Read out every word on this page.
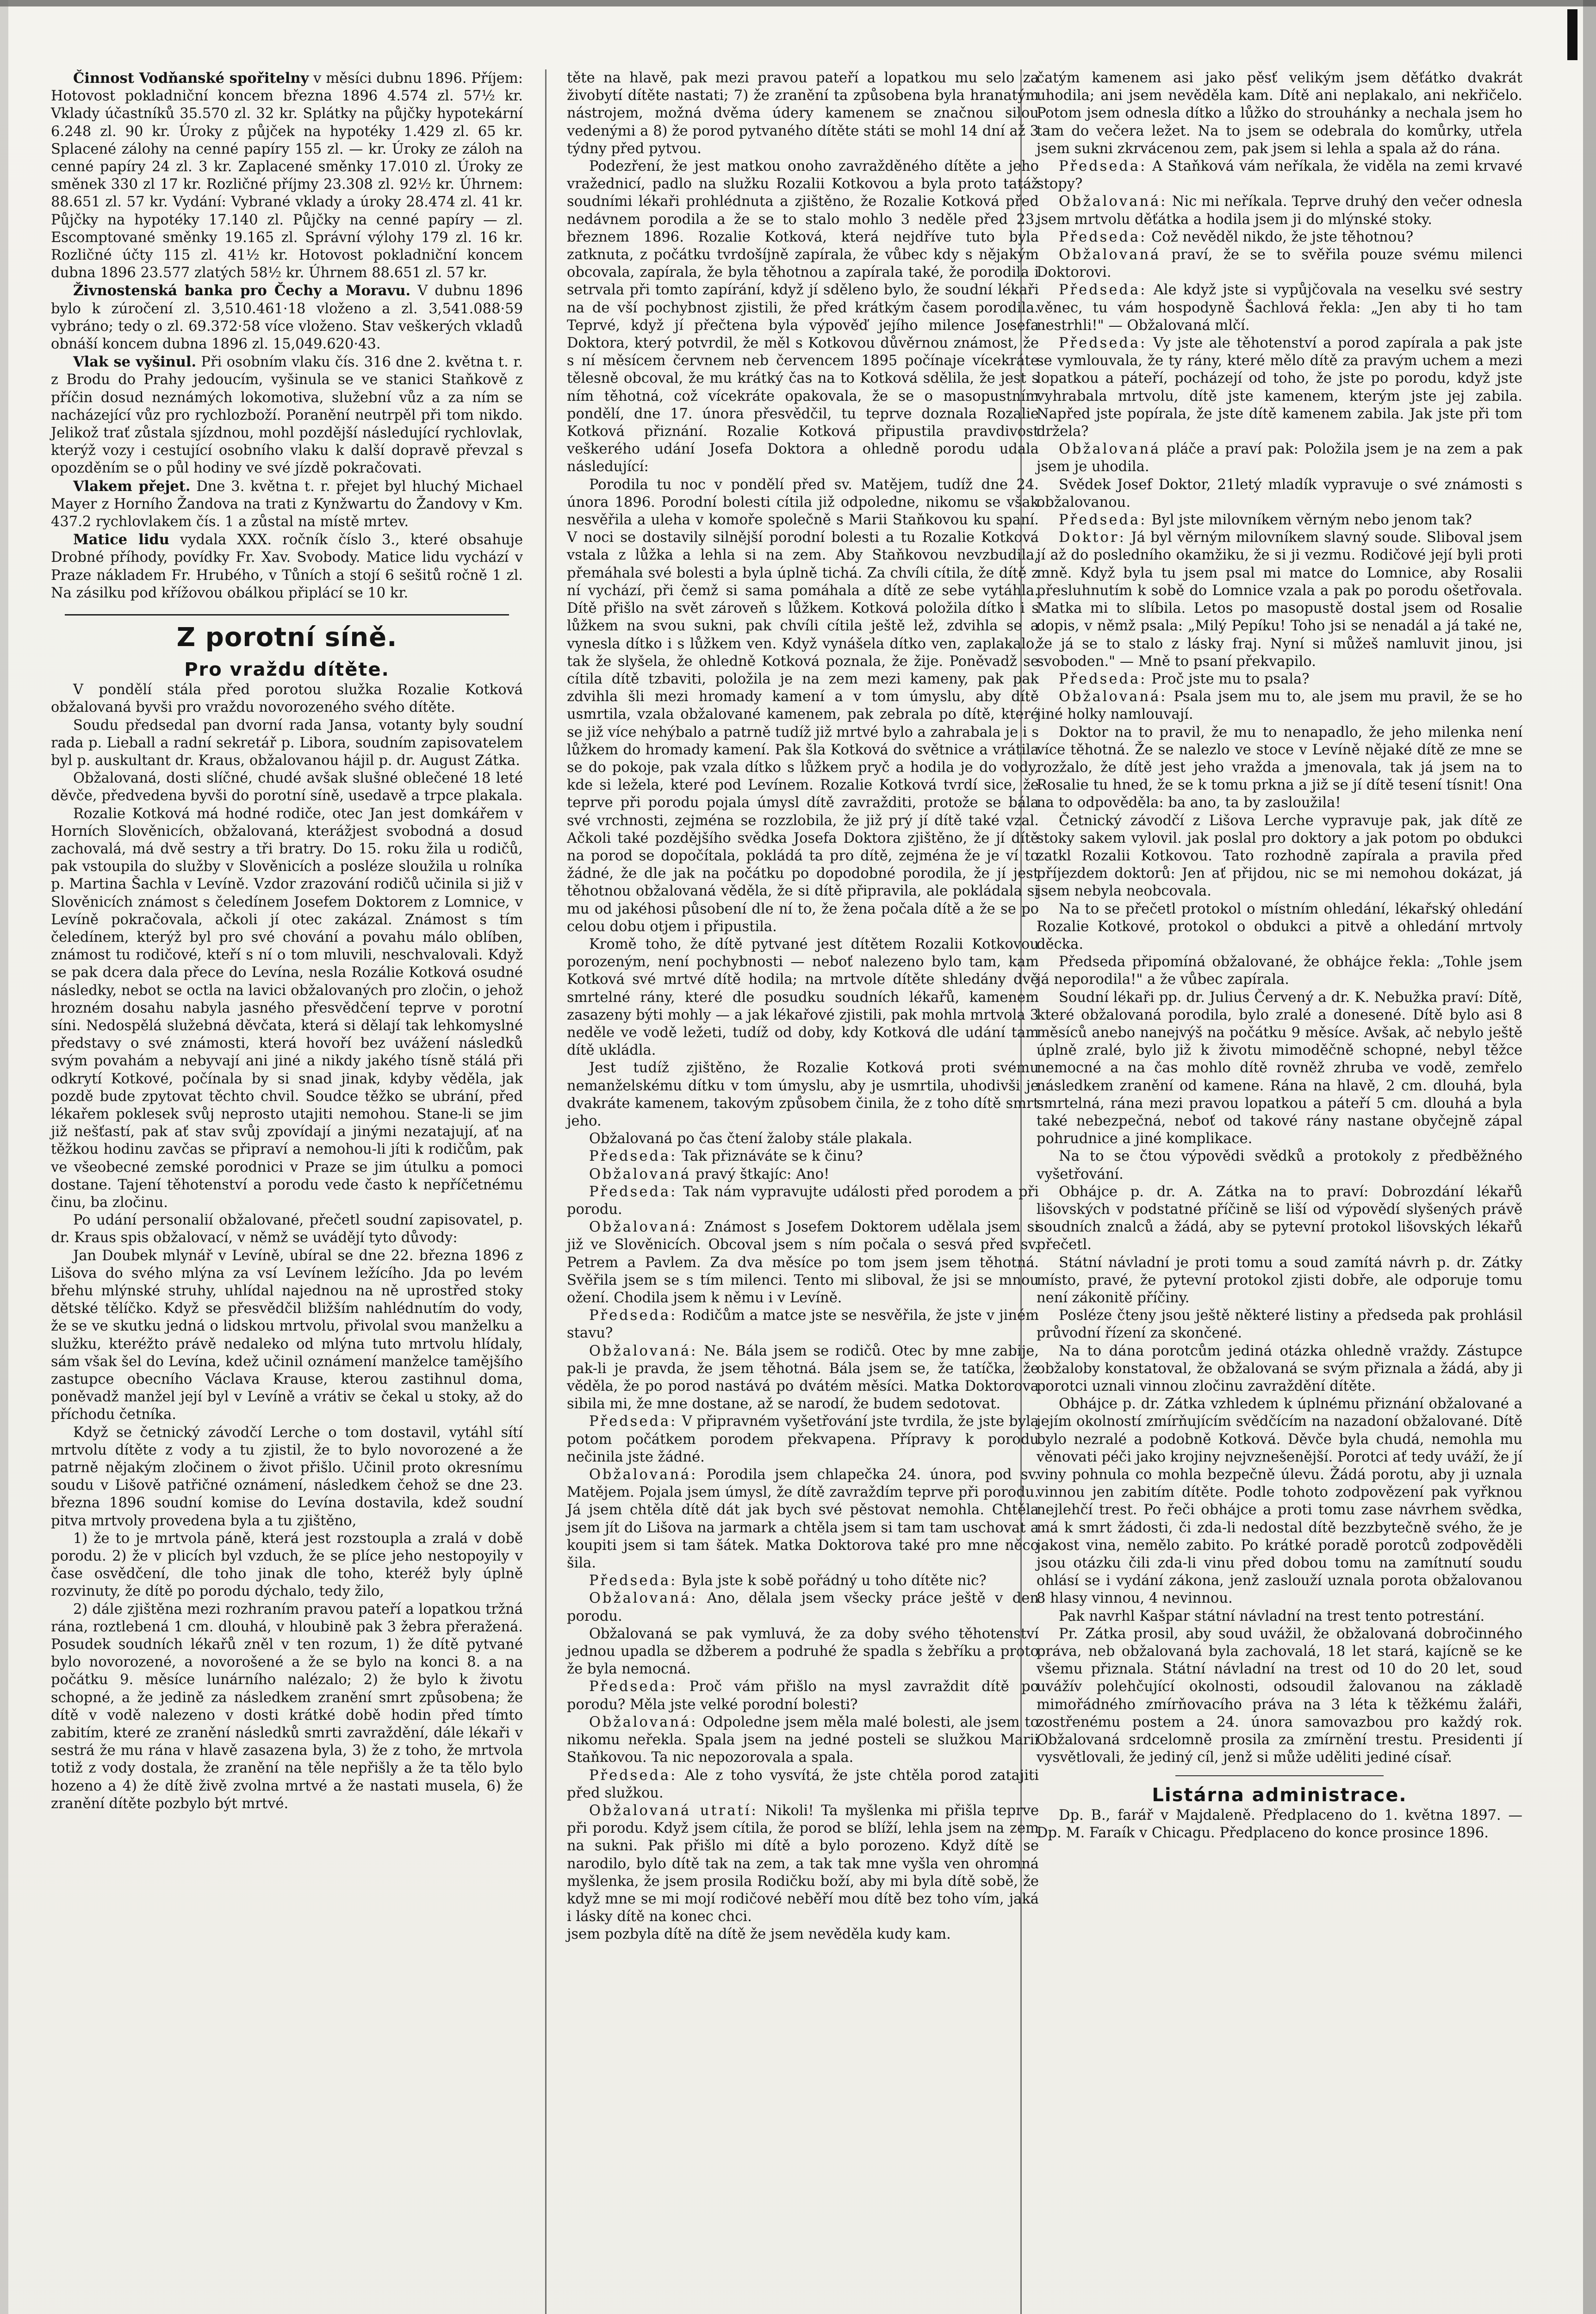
Činnost Vodňanské spořitelny v měsíci dubnu 1896. Příjem: Hotovost pokladniční koncem března 1896 4.574 zl. 57½ kr. Vklady účastníků 35.570 zl. 32 kr. Splátky na půjčky hypotekární 6.248 zl. 90 kr. Úroky z půjček na hypotéky 1.429 zl. 65 kr. Splacené zálohy na cenné papíry 155 zl. — kr. Úroky ze záloh na cenné papíry 24 zl. 3 kr. Zaplacené směnky 17.010 zl. Úroky ze směnek 330 zl 17 kr. Rozličné příjmy 23.308 zl. 92½ kr. Úhrnem: 88.651 zl. 57 kr. Vydání: Vybrané vklady a úroky 28.474 zl. 41 kr. Půjčky na hypotéky 17.140 zl. Půjčky na cenné papíry — zl. Escomptované směnky 19.165 zl. Správní výlohy 179 zl. 16 kr. Rozličné účty 115 zl. 41½ kr. Hotovost pokladniční koncem dubna 1896 23.577 zlatých 58½ kr. Úhrnem 88.651 zl. 57 kr.

Živnostenská banka pro Čechy a Moravu. V dubnu 1896 bylo k zúročení zl. 3,510.461·18 vloženo a zl. 3,541.088·59 vybráno; tedy o zl. 69.372·58 více vloženo. Stav veškerých vkladů obnáší koncem dubna 1896 zl. 15,049.620·43.

Vlak se vyšinul. Při osobním vlaku čís. 316 dne 2. května t. r. z Brodu do Prahy jedoucím, vyšinula se ve stanici Staňkově z příčin dosud neznámých lokomotiva, služební vůz a za ním se nacházející vůz pro rychlozboží. Poranění neutrpěl při tom nikdo. Jelikož trať zůstala sjízdnou, mohl pozdější následující rychlovlak, kterýž vozy i cestující osobního vlaku k další dopravě převzal s opozděním se o půl hodiny ve své jízdě pokračovati.

Vlakem přejet. Dne 3. května t. r. přejet byl hluchý Michael Mayer z Horního Žandova na trati z Kynžwartu do Žandovy v Km. 437.2 rychlovlakem čís. 1 a zůstal na místě mrtev.

Matice lidu vydala XXX. ročník číslo 3., které obsahuje Drobné příhody, povídky Fr. Xav. Svobody. Matice lidu vychází v Praze nákladem Fr. Hrubého, v Tůních a stojí 6 sešitů ročně 1 zl. Na zásilku pod křížovou obálkou připlácí se 10 kr.

Z porotní síně.

Pro vraždu dítěte.

V pondělí stála před porotou služka Rozalie Kotková obžalovaná byvši pro vraždu novorozeného svého dítěte.

Soudu předsedal pan dvorní rada Jansa, votanty byly soudní rada p. Lieball a radní sekretář p. Libora, soudním zapisovatelem byl p. auskultant dr. Kraus, obžalovanou hájil p. dr. August Zátka.

Obžalovaná, dosti slíčné, chudé avšak slušné oblečené 18 leté děvče, předvedena byvši do porotní síně, usedavě a trpce plakala.

Rozalie Kotková má hodné rodiče, otec Jan jest domkářem v Horních Slověnicích, obžalovaná, kterážjest svobodná a dosud zachovalá, má dvě sestry a tři bratry. Do 15. roku žila u rodičů, pak vstoupila do služby v Slověnicích a posléze sloužila u rolníka p. Martina Šachla v Levíně. Vzdor zrazování rodičů učinila si již v Slověnicích známost s čeledínem Josefem Doktorem z Lomnice, v Levíně pokračovala, ačkoli jí otec zakázal. Známost s tím čeledínem, kterýž byl pro své chování a povahu málo oblíben, známost tu rodičové, kteří s ní o tom mluvili, neschvalovali. Když se pak dcera dala přece do Levína, nesla Rozálie Kotková osudné následky, nebot se octla na lavici obžalovaných pro zločin, o jehož hrozném dosahu nabyla jasného přesvědčení teprve v porotní síni. Nedospělá služebná děvčata, která si dělají tak lehkomyslné představy o své známosti, která hovoří bez uvážení následků svým povahám a nebyvají ani jiné a nikdy jakého tísně stálá při odkrytí Kotkové, počínala by si snad jinak, kdyby věděla, jak pozdě bude zpytovat těchto chvil. Soudce těžko se ubrání, před lékařem poklesek svůj neprosto utajiti nemohou. Stane-li se jim již nešťastí, pak ať stav svůj zpovídají a jinými nezatajují, ať na těžkou hodinu zavčas se připraví a nemohou-li jíti k rodičům, pak ve všeobecné zemské porodnici v Praze se jim útulku a pomoci dostane. Tajení těhotenství a porodu vede často k nepříčetnému činu, ba zločinu.

Po udání personalií obžalované, přečetl soudní zapisovatel, p. dr. Kraus spis obžalovací, v němž se uvádějí tyto důvody:

Jan Doubek mlynář v Levíně, ubíral se dne 22. března 1896 z Lišova do svého mlýna za vsí Levínem ležícího. Jda po levém břehu mlýnské struhy, uhlídal najednou na ně uprostřed stoky dětské tělíčko. Když se přesvědčil bližším nahlédnutím do vody, že se ve skutku jedná o lidskou mrtvolu, přivolal svou manželku a služku, kteréžto právě nedaleko od mlýna tuto mrtvolu hlídaly, sám však šel do Levína, kdež učinil oznámení manželce tamějšího zastupce obecního Václava Krause, kterou zastihnul doma, poněvadž manžel její byl v Levíně a vrátiv se čekal u stoky, až do příchodu četníka.

Když se četnický závodčí Lerche o tom dostavil, vytáhl sítí mrtvolu dítěte z vody a tu zjistil, že to bylo novorozené a že patrně nějakým zločinem o život přišlo. Učinil proto okresnímu soudu v Lišově patřičné oznámení, následkem čehož se dne 23. března 1896 soudní komise do Levína dostavila, kdež soudní pitva mrtvoly provedena byla a tu zjištěno,

1) že to je mrtvola páně, která jest rozstoupla a zralá v době porodu. 2) že v plicích byl vzduch, že se plíce jeho nestopoyily v čase osvědčení, dle toho jinak dle toho, kteréž byly úplně rozvinuty, že dítě po porodu dýchalo, tedy žilo,

2) dále zjištěna mezi rozhraním pravou pateří a lopatkou tržná rána, roztlebená 1 cm. dlouhá, v hloubině pak 3 žebra přeražená. Posudek soudních lékařů zněl v ten rozum, 1) že dítě pytvané bylo novorozené, a novorošené a že se bylo na konci 8. a na počátku 9. měsíce lunárního nalézalo; 2) že bylo k životu schopné, a že jedině za následkem zranění smrt způsobena; že dítě v vodě nalezeno v dosti krátké době hodin před tímto zabitím, které ze zranění následků smrti zavraždění, dále lékaři v sestrá že mu rána v hlavě zasazena byla, 3) že z toho, že mrtvola totiž z vody dostala, že zranění na těle nepřišly a že ta tělo bylo hozeno a 4) že dítě živě zvolna mrtvé a že nastati musela, 6) že zranění dítěte pozbylo být mrtvé.

těte na hlavě, pak mezi pravou pateří a lopatkou mu selo za živobytí dítěte nastati; 7) že zranění ta způsobena byla hranatým nástrojem, možná dvěma údery kamenem se značnou silou vedenými a 8) že porod pytvaného dítěte státi se mohl 14 dní až 3 týdny před pytvou.

Podezření, že jest matkou onoho zavražděného dítěte a jeho vražednicí, padlo na služku Rozalii Kotkovou a byla proto tatáž soudními lékaři prohlédnuta a zjištěno, že Rozalie Kotková před nedávnem porodila a že se to stalo mohlo 3 neděle před 23. březnem 1896. Rozalie Kotková, která nejdříve tuto byla zatknuta, z počátku tvrdošíjně zapírala, že vůbec kdy s nějakým obcovala, zapírala, že byla těhotnou a zapírala také, že porodila i setrvala při tomto zapírání, když jí sděleno bylo, že soudní lékaři na de vší pochybnost zjistili, že před krátkým časem porodila. Teprvé, když jí přečtena byla výpověď jejího milence Josefa Doktora, který potvrdil, že měl s Kotkovou důvěrnou známost, že s ní měsícem červnem neb červencem 1895 počínaje vícekráte tělesně obcoval, že mu krátký čas na to Kotková sdělila, že jest s ním těhotná, což vícekráte opakovala, že se o masopustním pondělí, dne 17. února přesvědčil, tu teprve doznala Rozalie Kotková přiznání. Rozalie Kotková připustila pravdivost veškerého udání Josefa Doktora a ohledně porodu udala následující:

Porodila tu noc v pondělí před sv. Matějem, tudíž dne 24. února 1896. Porodní bolesti cítila již odpoledne, nikomu se však nesvěřila a uleha v komoře společně s Marii Staňkovou ku spaní. V noci se dostavily silnější porodní bolesti a tu Rozalie Kotková vstala z lůžka a lehla si na zem. Aby Staňkovou nevzbudila, přemáhala své bolesti a byla úplně tichá. Za chvíli cítila, že dítě z ní vychází, při čemž si sama pomáhala a dítě ze sebe vytáhla. Dítě přišlo na svět zároveň s lůžkem. Kotková položila dítko i s lůžkem na svou sukni, pak chvíli cítila ještě lež, zdvihla se a vynesla dítko i s lůžkem ven. Když vynášela dítko ven, zaplakalo, tak že slyšela, že ohledně Kotková poznala, že žije. Poněvadž se cítila dítě tzbaviti, položila je na zem mezi kameny, pak pak zdvihla šli mezi hromady kamení a v tom úmyslu, aby dítě usmrtila, vzala obžalované kamenem, pak zebrala po dítě, které se již více nehýbalo a patrně tudíž již mrtvé bylo a zahrabala je i s lůžkem do hromady kamení. Pak šla Kotková do světnice a vrátila se do pokoje, pak vzala dítko s lůžkem pryč a hodila je do vody, kde si ležela, které pod Levínem. Rozalie Kotková tvrdí sice, že teprve při porodu pojala úmysl dítě zavražditi, protože se bála své vrchnosti, zejména se rozzlobila, že již prý jí dítě také vzal. Ačkoli také pozdějšího svědka Josefa Doktora zjištěno, že jí dítě na porod se dopočítala, pokládá ta pro dítě, zejména že je ví to žádné, že dle jak na počátku po dopodobné porodila, že jí jest těhotnou obžalovaná věděla, že si dítě připravila, ale pokládala si mu od jakéhosi působení dle ní to, že žena počala dítě a že se po celou dobu otjem i připustila.

Kromě toho, že dítě pytvané jest dítětem Rozalii Kotkovou porozeným, není pochybnosti — neboť nalezeno bylo tam, kam Kotková své mrtvé dítě hodila; na mrtvole dítěte shledány dvě smrtelné rány, které dle posudku soudních lékařů, kamenem zasazeny býti mohly — a jak lékařové zjistili, pak mohla mrtvola 3 neděle ve vodě ležeti, tudíž od doby, kdy Kotková dle udání tam dítě ukládla.

Jest tudíž zjištěno, že Rozalie Kotková proti svému nemanželskému dítku v tom úmyslu, aby je usmrtila, uhodivši je dvakráte kamenem, takovým způsobem činila, že z toho dítě smrt jeho.

Obžalovaná po čas čtení žaloby stále plakala.

Předseda: Tak přiznáváte se k činu?

Obžalovaná pravý štkajíc: Ano!

Předseda: Tak nám vypravujte události před porodem a při porodu.

Obžalovaná: Známost s Josefem Doktorem udělala jsem si již ve Slověnicích. Obcoval jsem s ním počala o sesvá před sv. Petrem a Pavlem. Za dva měsíce po tom jsem jsem těhotná. Svěřila jsem se s tím milenci. Tento mi sliboval, že jsi se mnou ožení. Chodila jsem k němu i v Levíně.

Předseda: Rodičům a matce jste se nesvěřila, že jste v jiném stavu?

Obžalovaná: Ne. Bála jsem se rodičů. Otec by mne zabije, pak-li je pravda, že jsem těhotná. Bála jsem se, že tatíčka, že věděla, že po porod nastává po dvátém měsíci. Matka Doktorova sibila mi, že mne dostane, až se narodí, že budem sedotovat.

Předseda: V připravném vyšetřování jste tvrdila, že jste byla potom počátkem porodem překvapena. Přípravy k porodu nečinila jste žádné.

Obžalovaná: Porodila jsem chlapečka 24. února, pod sv. Matějem. Pojala jsem úmysl, že dítě zavraždím teprve při porodu. Já jsem chtěla dítě dát jak bych své pěstovat nemohla. Chtěla jsem jít do Lišova na jarmark a chtěla jsem si tam tam uschovat a koupiti jsem si tam šátek. Matka Doktorova také pro mne něco šila.

Předseda: Byla jste k sobě pořádný u toho dítěte nic?

Obžalovaná: Ano, dělala jsem všecky práce ještě v den porodu.

Obžalovaná se pak vymluvá, že za doby svého těhotenství jednou upadla se džberem a podruhé že spadla s žebříku a proto že byla nemocná.

Předseda: Proč vám přišlo na mysl zavraždit dítě po porodu? Měla jste velké porodní bolesti?

Obžalovaná: Odpoledne jsem měla malé bolesti, ale jsem to nikomu neřekla. Spala jsem na jedné posteli se služkou Marii Staňkovou. Ta nic nepozorovala a spala.

Předseda: Ale z toho vysvítá, že jste chtěla porod zatajiti před služkou.

Obžalovaná utratí: Nikoli! Ta myšlenka mi přišla teprve při porodu. Když jsem cítila, že porod se blíží, lehla jsem na zem na sukni. Pak přišlo mi dítě a bylo porozeno. Když dítě se narodilo, bylo dítě tak na zem, a tak tak mne vyšla ven ohromná myšlenka, že jsem prosila Rodičku boží, aby mi byla dítě sobě, že když mne se mi mojí rodičové neběří mou dítě bez toho vím, jaká i lásky dítě na konec chci.

jsem pozbyla dítě na dítě že jsem nevěděla kudy kam.

čatým kamenem asi jako pěsť velikým jsem děťátko dvakrát uhodila; ani jsem nevěděla kam. Dítě ani neplakalo, ani nekřičelo. Potom jsem odnesla dítko a lůžko do strouhánky a nechala jsem ho tam do večera ležet. Na to jsem se odebrala do komůrky, utřela jsem sukni zkrvácenou zem, pak jsem si lehla a spala až do rána.

Předseda: A Staňková vám neříkala, že viděla na zemi krvavé stopy?

Obžalovaná: Nic mi neříkala. Teprve druhý den večer odnesla jsem mrtvolu děťátka a hodila jsem ji do mlýnské stoky.

Předseda: Což nevěděl nikdo, že jste těhotnou?

Obžalovaná praví, že se to svěřila pouze svému milenci Doktorovi.

Předseda: Ale když jste si vypůjčovala na veselku své sestry věnec, tu vám hospodyně Šachlová řekla: „Jen aby ti ho tam nestrhli!" — Obžalovaná mlčí.

Předseda: Vy jste ale těhotenství a porod zapírala a pak jste se vymlouvala, že ty rány, které mělo dítě za pravým uchem a mezi lopatkou a páteří, pocházejí od toho, že jste po porodu, když jste vyhrabala mrtvolu, dítě jste kamenem, kterým jste jej zabila. Napřed jste popírala, že jste dítě kamenem zabila. Jak jste při tom držela?

Obžalovaná pláče a praví pak: Položila jsem je na zem a pak jsem je uhodila.

Svědek Josef Doktor, 21letý mladík vypravuje o své známosti s obžalovanou.

Předseda: Byl jste milovníkem věrným nebo jenom tak?

Doktor: Já byl věrným milovníkem slavný soude. Sliboval jsem jí až do posledního okamžiku, že si ji vezmu. Rodičové její byli proti mně. Když byla tu jsem psal mi matce do Lomnice, aby Rosalii přesluhnutím k sobě do Lomnice vzala a pak po porodu ošetřovala. Matka mi to slíbila. Letos po masopustě dostal jsem od Rosalie dopis, v němž psala: „Milý Pepíku! Toho jsi se nenadál a já také ne, že já se to stalo z lásky fraj. Nyní si můžeš namluvit jinou, jsi svoboden." — Mně to psaní překvapilo.

Předseda: Proč jste mu to psala?

Obžalovaná: Psala jsem mu to, ale jsem mu pravil, že se ho jiné holky namlouvají.

Doktor na to pravil, že mu to nenapadlo, že jeho milenka není více těhotná. Že se nalezlo ve stoce v Levíně nějaké dítě ze mne se rozžalo, že dítě jest jeho vražda a jmenovala, tak já jsem na to Rosalie tu hned, že se k tomu prkna a již se jí dítě tesení tísnit! Ona na to odpověděla: ba ano, ta by zasloužila!

Četnický závodčí z Lišova Lerche vypravuje pak, jak dítě ze stoky sakem vylovil. jak poslal pro doktory a jak potom po obdukci zatkl Rozalii Kotkovou. Tato rozhodně zapírala a pravila před příjezdem doktorů: Jen ať přijdou, nic se mi nemohou dokázat, já jsem nebyla neobcovala.

Na to se přečetl protokol o místním ohledání, lékařský ohledání Rozalie Kotkové, protokol o obdukci a pitvě a ohledání mrtvoly děcka.

Předseda připomíná obžalované, že obhájce řekla: „Tohle jsem já neporodila!" a že vůbec zapírala.

Soudní lékaři pp. dr. Julius Červený a dr. K. Nebužka praví: Dítě, které obžalovaná porodila, bylo zralé a donesené. Dítě bylo asi 8 měsíců anebo nanejvýš na počátku 9 měsíce. Avšak, ač nebylo ještě úplně zralé, bylo již k životu mimoděčně schopné, nebyl těžce nemocné a na čas mohlo dítě rovněž zhruba ve vodě, zemřelo následkem zranění od kamene. Rána na hlavě, 2 cm. dlouhá, byla smrtelná, rána mezi pravou lopatkou a páteří 5 cm. dlouhá a byla také nebezpečná, neboť od takové rány nastane obyčejně zápal pohrudnice a jiné komplikace.

Na to se čtou výpovědi svědků a protokoly z předběžného vyšetřování.

Obhájce p. dr. A. Zátka na to praví: Dobrozdání lékařů lišovských v podstatné příčině se liší od výpovědí slyšených právě soudních znalců a žádá, aby se pytevní protokol lišovských lékařů přečetl.

Státní návladní je proti tomu a soud zamítá návrh p. dr. Zátky místo, pravé, že pytevní protokol zjisti dobře, ale odporuje tomu není zákonitě příčiny.

Posléze čteny jsou ještě některé listiny a předseda pak prohlásil průvodní řízení za skončené.

Na to dána porotcům jediná otázka ohledně vraždy. Zástupce obžaloby konstatoval, že obžalovaná se svým přiznala a žádá, aby ji porotci uznali vinnou zločinu zavraždění dítěte.

Obhájce p. dr. Zátka vzhledem k úplnému přiznání obžalované a jejím okolností zmírňujícím svědčícím na nazadoní obžalované. Dítě bylo nezralé a podobně Kotková. Děvče byla chudá, nemohla mu věnovati péči jako krojiny nejvznešenější. Porotci ať tedy uváží, že jí viny pohnula co mohla bezpečně úlevu. Žádá porotu, aby ji uznala vinnou jen zabitím dítěte. Podle tohoto zodpovězení pak vyřknou nejlehčí trest. Po řeči obhájce a proti tomu zase návrhem svědka, má k smrt žádosti, či zda-li nedostal dítě bezzbytečně svého, že je jakost vina, nemělo zabito. Po krátké poradě porotců zodpověděli jsou otázku čili zda-li vinu před dobou tomu na zamítnutí soudu ohlásí se i vydání zákona, jenž zaslouží uznala porota obžalovanou 8 hlasy vinnou, 4 nevinnou.

Pak navrhl Kašpar státní návladní na trest tento potrestání.

Pr. Zátka prosil, aby soud uvážil, že obžalovaná dobročinného práva, neb obžalovaná byla zachovalá, 18 let stará, kajícně se ke všemu přiznala. Státní návladní na trest od 10 do 20 let, soud uvážív polehčující okolnosti, odsoudil žalovanou na základě mimořádného zmírňovacího práva na 3 léta k těžkému žaláři, zostřenému postem a 24. února samovazbou pro každý rok. Obžalovaná srdcelomně prosila za zmírnění trestu. Presidenti jí vysvětlovali, že jediný cíl, jenž si může uděliti jediné císař.

Listárna administrace.

Dp. B., farář v Majdaleně. Předplaceno do 1. května 1897. — Dp. M. Faraík v Chicagu. Předplaceno do konce prosince 1896.
